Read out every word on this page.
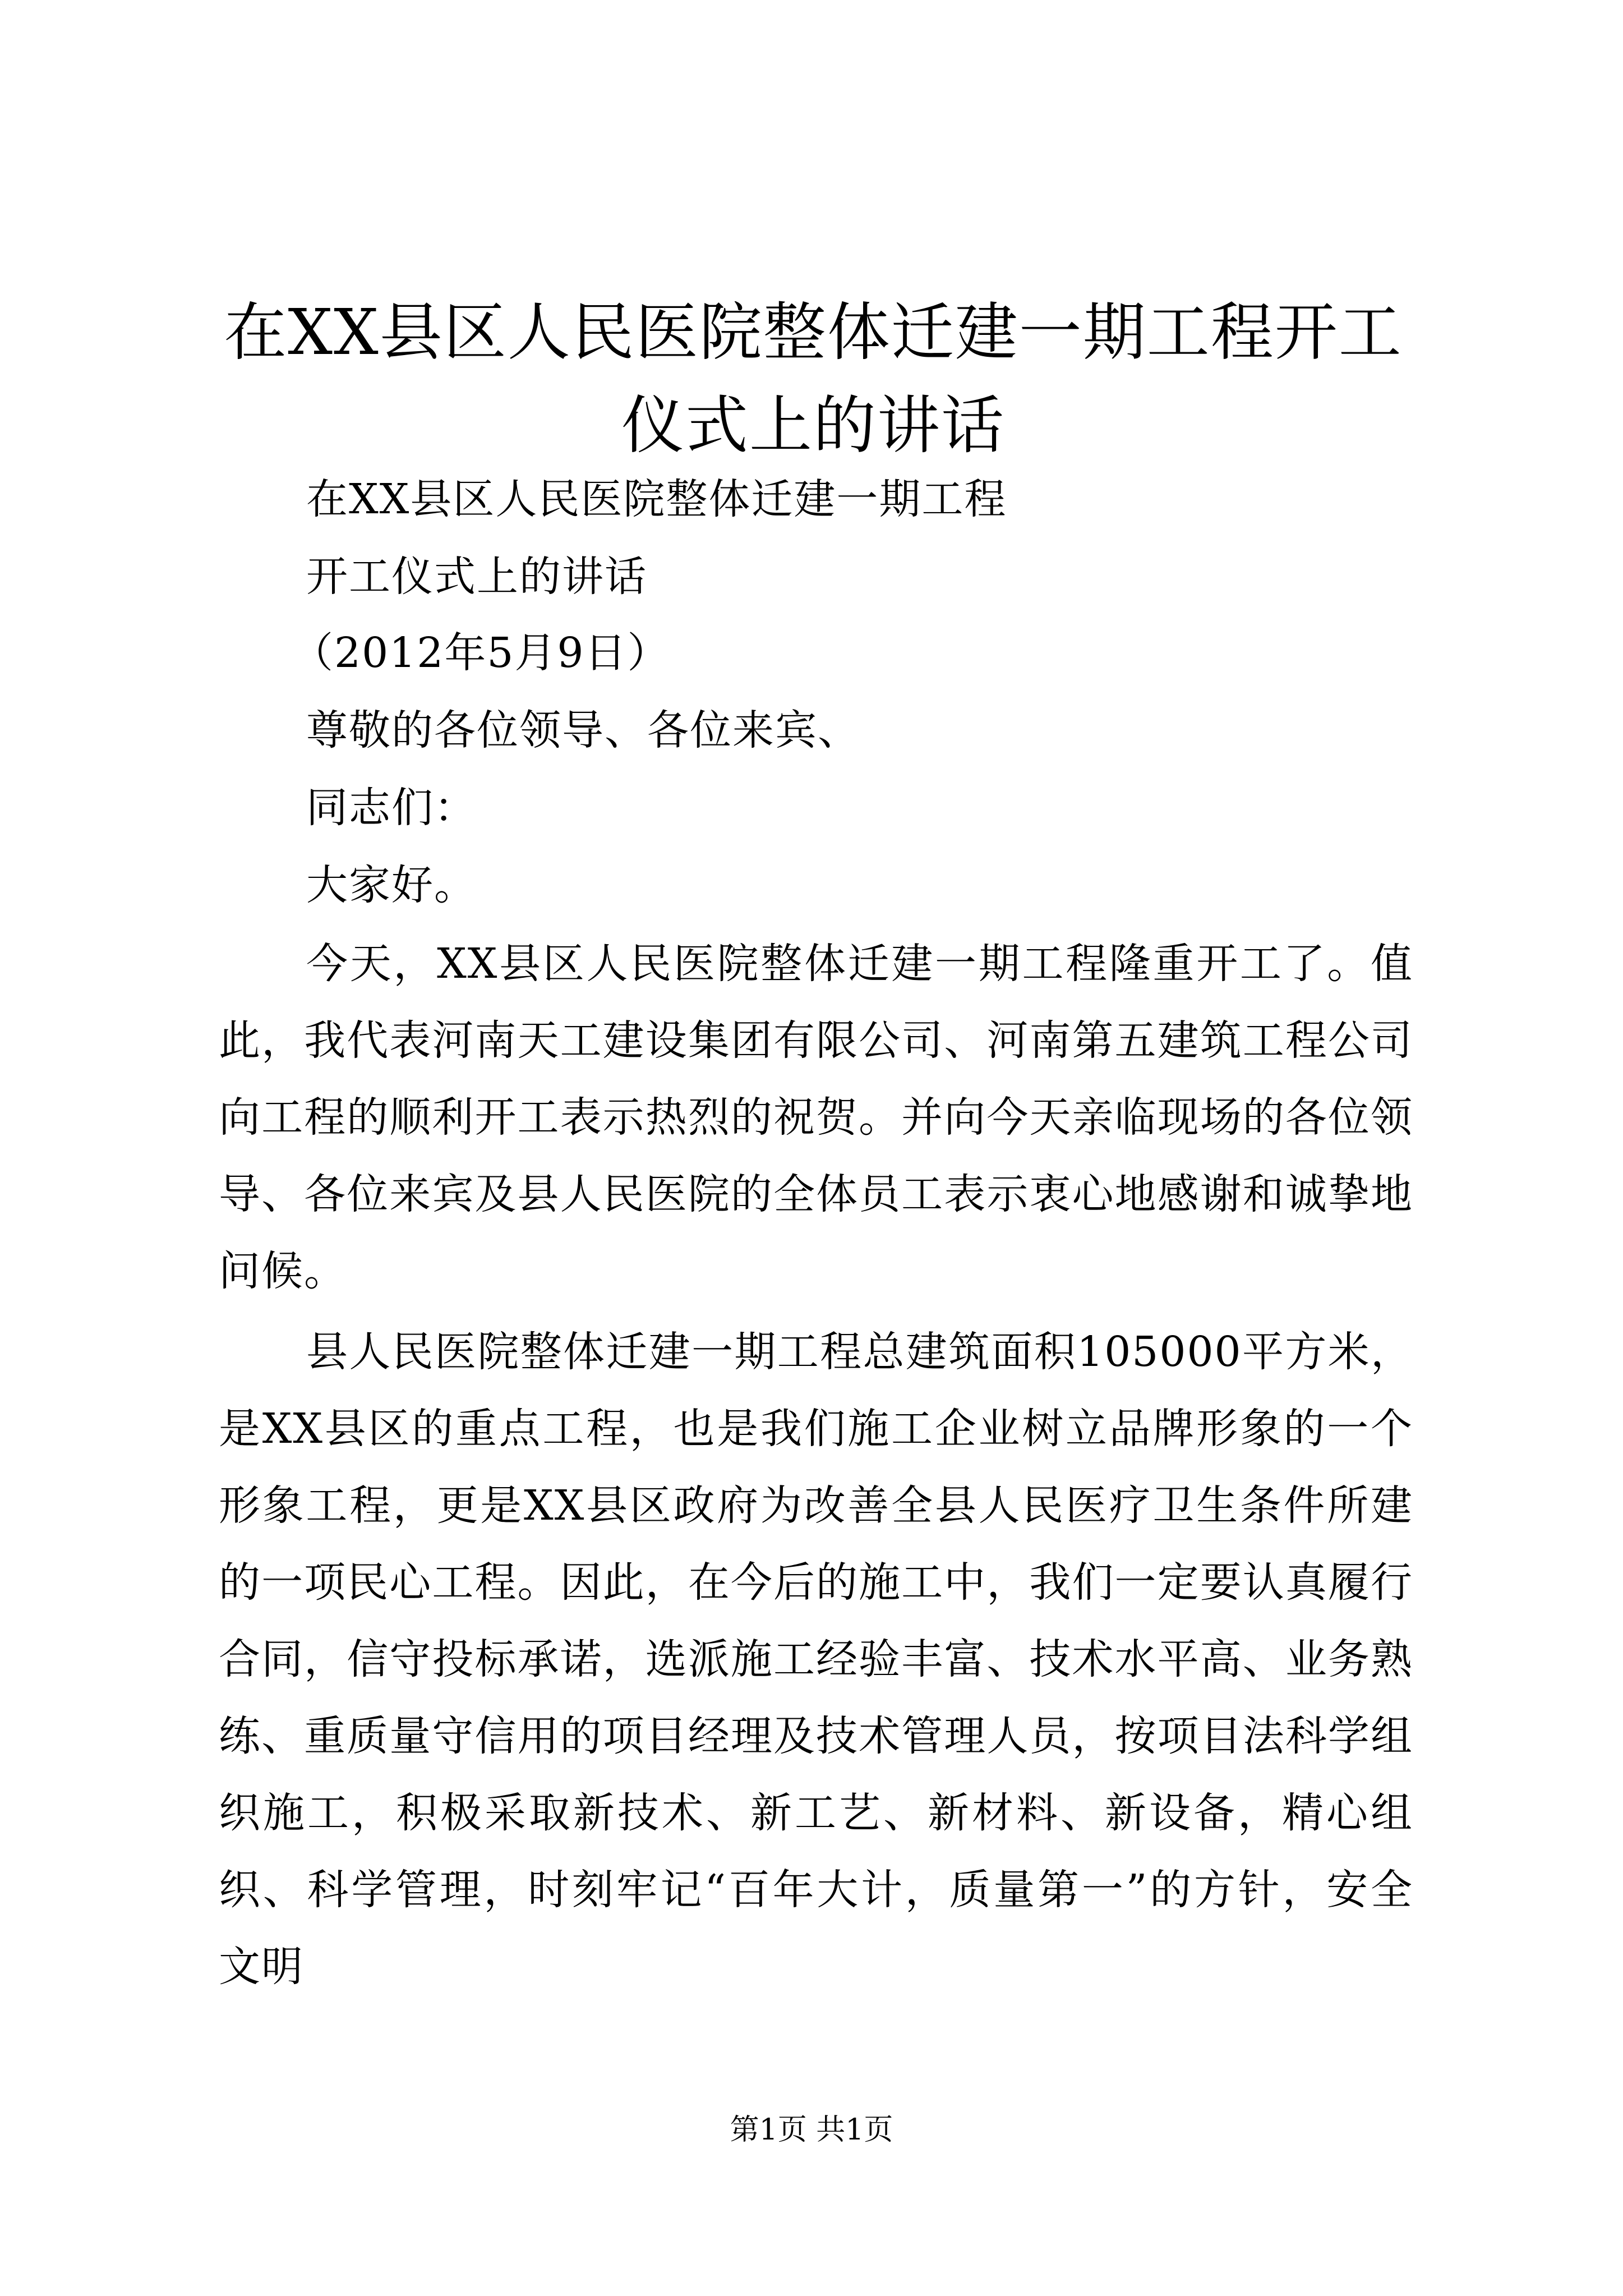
在XX县区人民医院整体迁建一期工程开工仪式上的讲话
在XX县区人民医院整体迁建一期工程
开工仪式上的讲话
（2012年5月9日）
尊敬的各位领导、各位来宾、
同志们：
大家好。
今天，XX县区人民医院整体迁建一期工程隆重开工了。值此，我代表河南天工建设集团有限公司、河南第五建筑工程公司向工程的顺利开工表示热烈的祝贺。并向今天亲临现场的各位领导、各位来宾及县人民医院的全体员工表示衷心地感谢和诚挚地问候。
县人民医院整体迁建一期工程总建筑面积105000平方米，是XX县区的重点工程，也是我们施工企业树立品牌形象的一个形象工程，更是XX县区政府为改善全县人民医疗卫生条件所建的一项民心工程。因此，在今后的施工中，我们一定要认真履行合同，信守投标承诺，选派施工经验丰富、技术水平高、业务熟练、重质量守信用的项目经理及技术管理人员，按项目法科学组织施工，积极采取新技术、新工艺、新材料、新设备，精心组织、科学管理，时刻牢记“百年大计，质量第一”的方针，安全文明
第1页 共1页
